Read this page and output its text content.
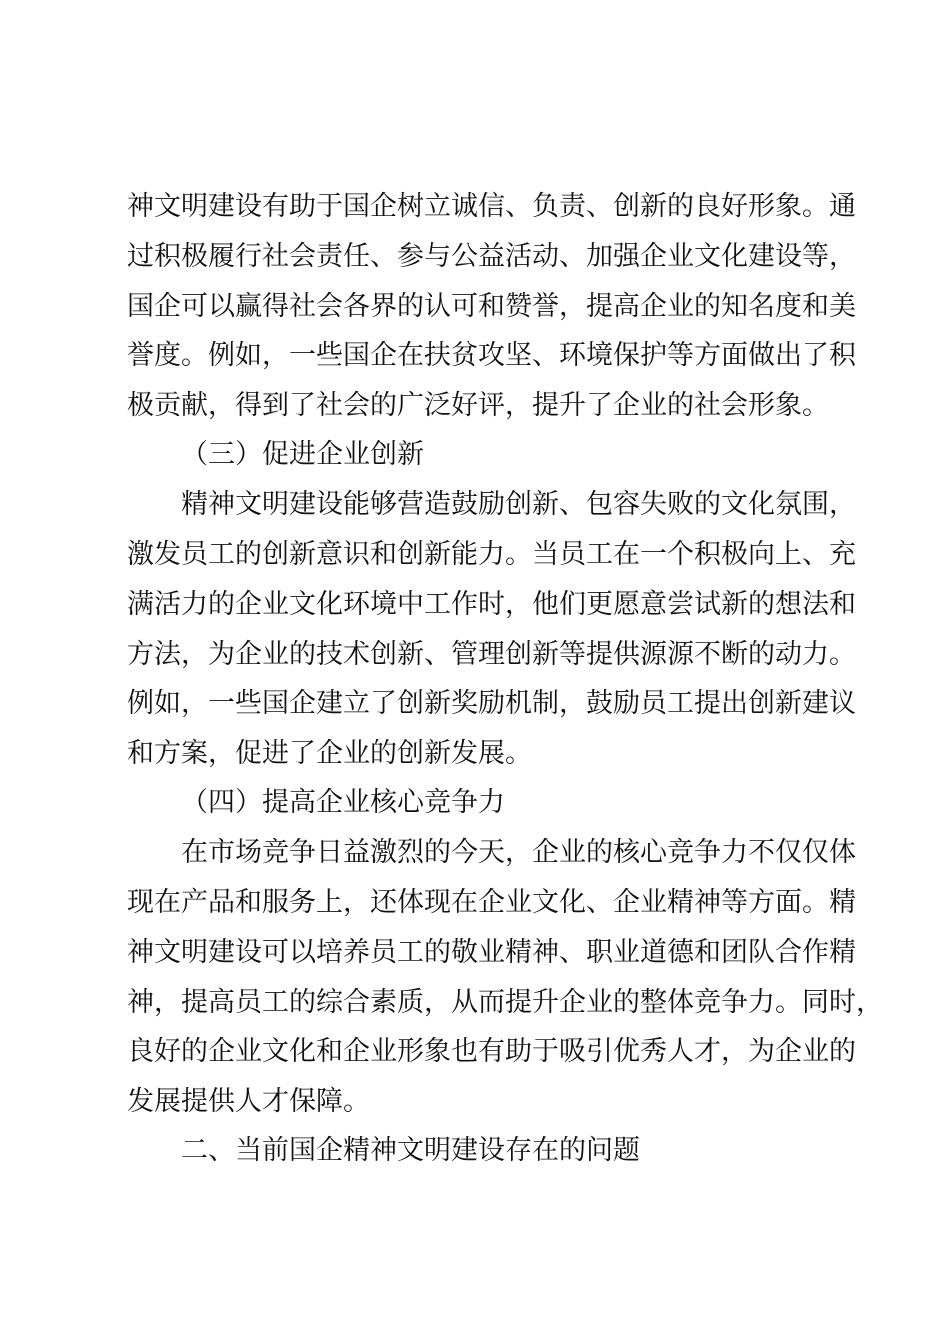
神文明建设有助于国企树立诚信、负责、创新的良好形象。通
过积极履行社会责任、参与公益活动、加强企业文化建设等，
国企可以赢得社会各界的认可和赞誉，提高企业的知名度和美
誉度。例如，一些国企在扶贫攻坚、环境保护等方面做出了积
极贡献，得到了社会的广泛好评，提升了企业的社会形象。
（三）促进企业创新
精神文明建设能够营造鼓励创新、包容失败的文化氛围，
激发员工的创新意识和创新能力。当员工在一个积极向上、充
满活力的企业文化环境中工作时，他们更愿意尝试新的想法和
方法，为企业的技术创新、管理创新等提供源源不断的动力。
例如，一些国企建立了创新奖励机制，鼓励员工提出创新建议
和方案，促进了企业的创新发展。
（四）提高企业核心竞争力
在市场竞争日益激烈的今天，企业的核心竞争力不仅仅体
现在产品和服务上，还体现在企业文化、企业精神等方面。精
神文明建设可以培养员工的敬业精神、职业道德和团队合作精
神，提高员工的综合素质，从而提升企业的整体竞争力。同时，
良好的企业文化和企业形象也有助于吸引优秀人才，为企业的
发展提供人才保障。
二、当前国企精神文明建设存在的问题
